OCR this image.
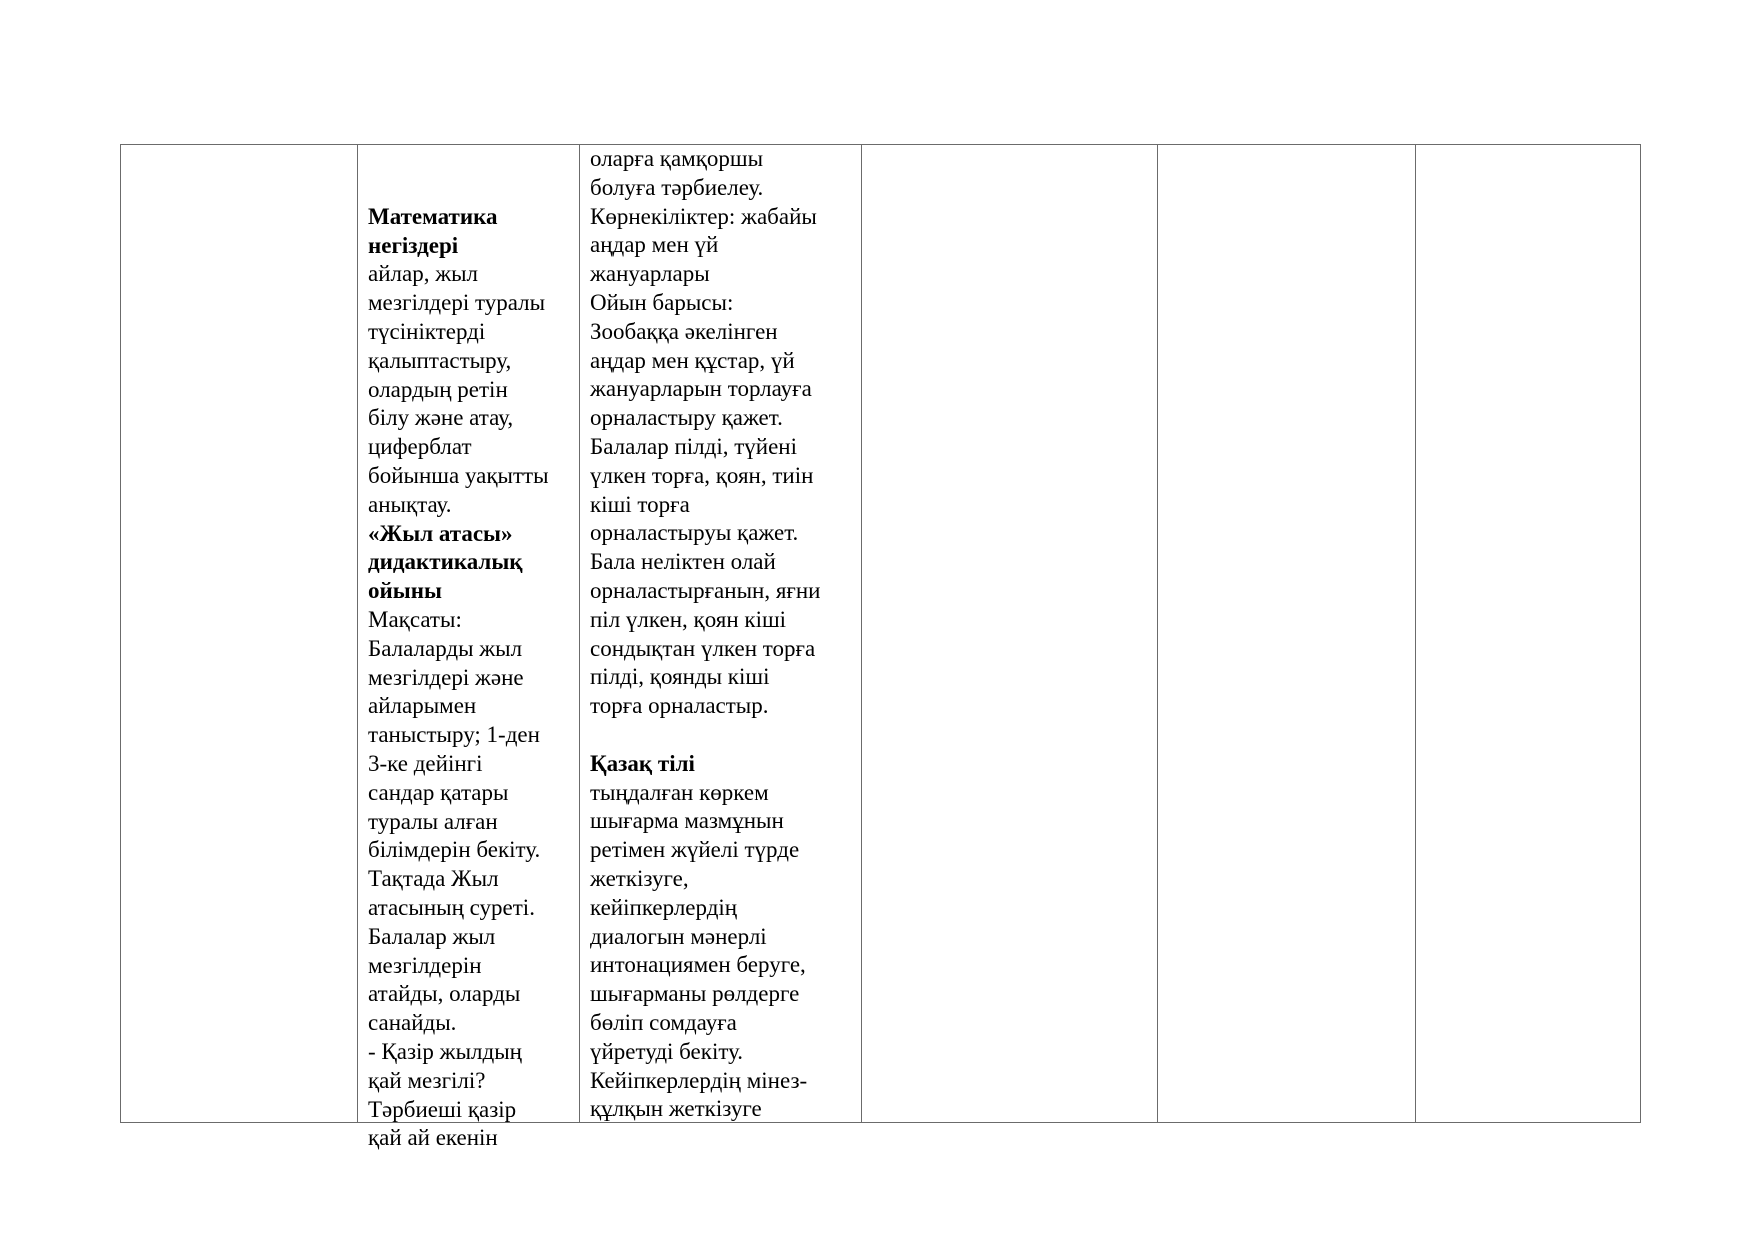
Математика
негіздері
айлар, жыл
мезгілдері туралы
түсініктерді
қалыптастыру,
олардың ретін
білу және атау,
циферблат
бойынша уақытты
анықтау.
«Жыл атасы»
дидактикалық
ойыны
Мақсаты:
Балаларды жыл
мезгілдері және
айларымен
таныстыру; 1-ден
3-ке дейінгі
сандар қатары
туралы алған
білімдерін бекіту.
Тақтада Жыл
атасының суреті.
Балалар жыл
мезгілдерін
атайды, оларды
санайды.
- Қазір жылдың
қай мезгілі?
Тәрбиеші қазір
қай ай екенін
оларға қамқоршы
болуға тәрбиелеу.
Көрнекіліктер: жабайы
аңдар мен үй
жануарлары
Ойын барысы:
Зообаққа әкелінген
аңдар мен құстар, үй
жануарларын торлауға
орналастыру қажет.
Балалар пілді, түйені
үлкен торға, қоян, тиін
кіші торға
орналастыруы қажет.
Бала неліктен олай
орналастырғанын, яғни
піл үлкен, қоян кіші
сондықтан үлкен торға
пілді, қоянды кіші
торға орналастыр.
Қазақ тілі
тыңдалған көркем
шығарма мазмұнын
ретімен жүйелі түрде
жеткізуге,
кейіпкерлердің
диалогын мәнерлі
интонациямен беруге,
шығарманы рөлдерге
бөліп сомдауға
үйретуді бекіту.
Кейіпкерлердің мінез-
құлқын жеткізуге
